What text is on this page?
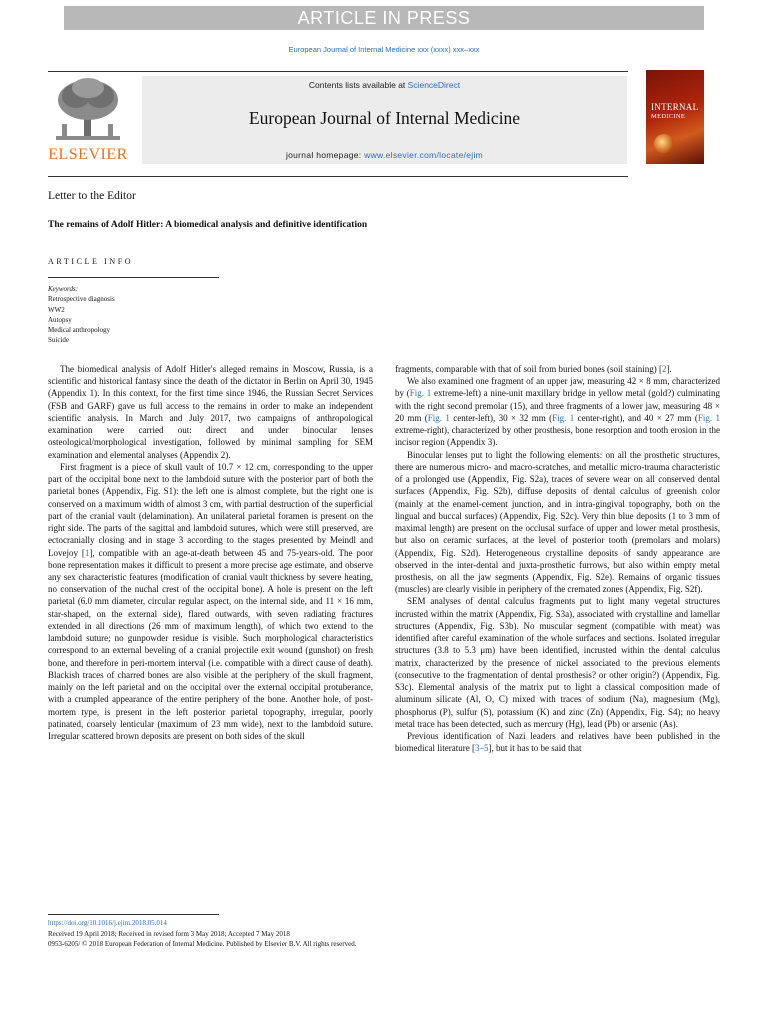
ARTICLE IN PRESS
European Journal of Internal Medicine xxx (xxxx) xxx–xxx
ELSEVIER
Contents lists available at ScienceDirect
European Journal of Internal Medicine
journal homepage: www.elsevier.com/locate/ejim
INTERNAL
MEDICINE
Letter to the Editor
The remains of Adolf Hitler: A biomedical analysis and definitive identification
ARTICLE INFO
Keywords:
Retrospective diagnosis
WW2
Autopsy
Medical anthropology
Suicide

The biomedical analysis of Adolf Hitler's alleged remains in Moscow, Russia, is a scientific and historical fantasy since the death of the dictator in Berlin on April 30, 1945 (Appendix 1). In this context, for the first time since 1946, the Russian Secret Services (FSB and GARF) gave us full access to the remains in order to make an independent scientific analysis. In March and July 2017, two campaigns of anthropological examination were carried out: direct and under binocular lenses osteological/morphological investigation, followed by minimal sampling for SEM examination and elemental analyses (Appendix 2).

First fragment is a piece of skull vault of 10.7 × 12 cm, corresponding to the upper part of the occipital bone next to the lambdoid suture with the posterior part of both the parietal bones (Appendix, Fig. S1): the left one is almost complete, but the right one is conserved on a maximum width of almost 3 cm, with partial destruction of the superficial part of the cranial vault (delamination). An unilateral parietal foramen is present on the right side. The parts of the sagittal and lambdoid sutures, which were still preserved, are ectocranially closing and in stage 3 according to the stages presented by Meindl and Lovejoy [1], compatible with an age-at-death between 45 and 75-years-old. The poor bone representation makes it difficult to present a more precise age estimate, and observe any sex characteristic features (modification of cranial vault thickness by severe heating, no conservation of the nuchal crest of the occipital bone). A hole is present on the left parietal (6.0 mm diameter, circular regular aspect, on the internal side, and 11 × 16 mm, star-shaped, on the external side), flared outwards, with seven radiating fractures extended in all directions (26 mm of maximum length), of which two extend to the lambdoid suture; no gunpowder residue is visible. Such morphological characteristics correspond to an external beveling of a cranial projectile exit wound (gunshot) on fresh bone, and therefore in peri-mortem interval (i.e. compatible with a direct cause of death). Blackish traces of charred bones are also visible at the periphery of the skull fragment, mainly on the left parietal and on the occipital over the external occipital protuberance, with a crumpled appearance of the entire periphery of the bone. Another hole, of post-mortem type, is present in the left posterior parietal topography, irregular, poorly patinated, coarsely lenticular (maximum of 23 mm wide), next to the lambdoid suture. Irregular scattered brown deposits are present on both sides of the skull

fragments, comparable with that of soil from buried bones (soil staining) [2].

We also examined one fragment of an upper jaw, measuring 42 × 8 mm, characterized by (Fig. 1 extreme-left) a nine-unit maxillary bridge in yellow metal (gold?) culminating with the right second premolar (15), and three fragments of a lower jaw, measuring 48 × 20 mm (Fig. 1 center-left), 30 × 32 mm (Fig. 1 center-right), and 40 × 27 mm (Fig. 1 extreme-right), characterized by other prosthesis, bone resorption and tooth erosion in the incisor region (Appendix 3).

Binocular lenses put to light the following elements: on all the prosthetic structures, there are numerous micro- and macro-scratches, and metallic micro-trauma characteristic of a prolonged use (Appendix, Fig. S2a), traces of severe wear on all conserved dental surfaces (Appendix, Fig. S2b), diffuse deposits of dental calculus of greenish color (mainly at the enamel-cement junction, and in intra-gingival topography, both on the lingual and buccal surfaces) (Appendix, Fig. S2c). Very thin blue deposits (1 to 3 mm of maximal length) are present on the occlusal surface of upper and lower metal prosthesis, but also on ceramic surfaces, at the level of posterior tooth (premolars and molars) (Appendix, Fig. S2d). Heterogeneous crystalline deposits of sandy appearance are observed in the inter-dental and juxta-prosthetic furrows, but also within empty metal prosthesis, on all the jaw segments (Appendix, Fig. S2e). Remains of organic tissues (muscles) are clearly visible in periphery of the cremated zones (Appendix, Fig. S2f).

SEM analyses of dental calculus fragments put to light many vegetal structures incrusted within the matrix (Appendix, Fig. S3a), associated with crystalline and lamellar structures (Appendix, Fig. S3b). No muscular segment (compatible with meat) was identified after careful examination of the whole surfaces and sections. Isolated irregular structures (3.8 to 5.3 μm) have been identified, incrusted within the dental calculus matrix, characterized by the presence of nickel associated to the previous elements (consecutive to the fragmentation of dental prosthesis? or other origin?) (Appendix, Fig. S3c). Elemental analysis of the matrix put to light a classical composition made of aluminum silicate (Al, O, C) mixed with traces of sodium (Na), magnesium (Mg), phosphorus (P), sulfur (S), potassium (K) and zinc (Zn) (Appendix, Fig. S4); no heavy metal trace has been detected, such as mercury (Hg), lead (Pb) or arsenic (As).

Previous identification of Nazi leaders and relatives have been published in the biomedical literature [3–5], but it has to be said that

https://doi.org/10.1016/j.ejim.2018.05.014
Received 19 April 2018; Received in revised form 3 May 2018; Accepted 7 May 2018
0953-6205/ © 2018 European Federation of Internal Medicine. Published by Elsevier B.V. All rights reserved.
